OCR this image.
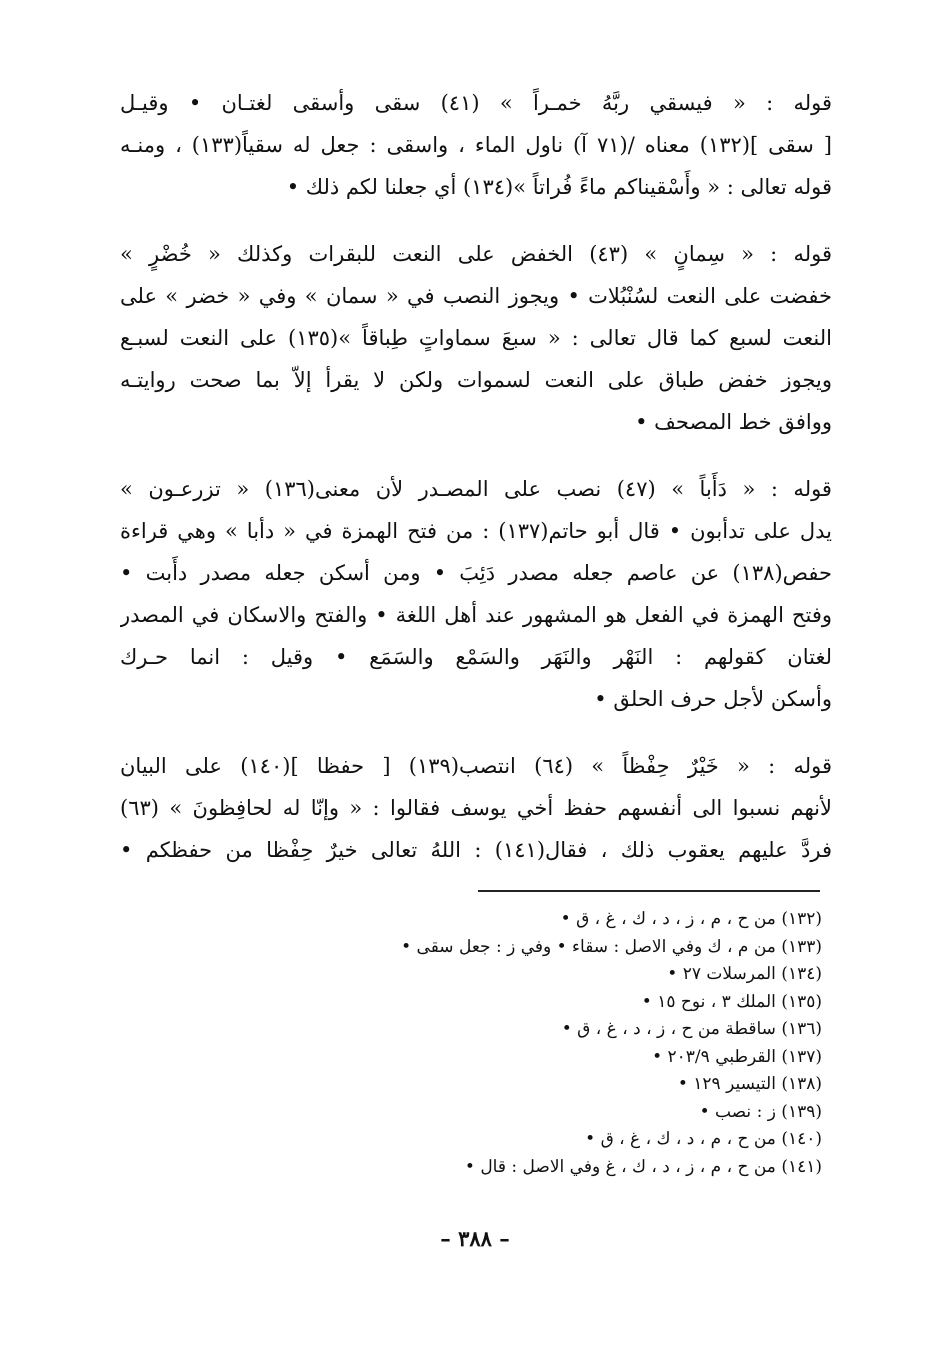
قوله : « فيسقي ربَّهُ خمـراً » (٤١) سقى وأسقى لغتـان • وقيـل
[ سقى ](١٣٢) معناه /(٧١ آ) ناول الماء ، واسقى : جعل له سقياً(١٣٣) ، ومنـه
قوله تعالى : « وأَسْقيناكم ماءً فُراتاً »(١٣٤) أي جعلنا لكم ذلك •
قوله : « سِمانٍ » (٤٣) الخفض على النعت للبقرات وكذلك « خُضْرٍ »
خفضت على النعت لسُنْبُلات • ويجوز النصب في « سمان » وفي « خضر » على
النعت لسبع كما قال تعالى : « سبعَ سماواتٍ طِباقاً »(١٣٥) على النعت لسبـع
ويجوز خفض طباق على النعت لسموات ولكن لا يقرأ إلاّ بما صحت روايتـه
ووافق خط المصحف •
قوله : « دَأَباً » (٤٧) نصب على المصـدر لأن معنى(١٣٦) « تزرعـون »
يدل على تدأبون • قال أبو حاتم(١٣٧) : من فتح الهمزة في « دأبا » وهي قراءة
حفص(١٣٨) عن عاصم جعله مصدر دَئِبَ • ومن أسكن جعله مصدر دأَبت •
وفتح الهمزة في الفعل هو المشهور عند أهل اللغة • والفتح والاسكان في المصدر
لغتان كقولهم : النَهْر والنَهَر والسَمْع والسَمَع • وقيل : انما حـرك
وأسكن لأجل حرف الحلق •
قوله : « خَيْرٌ حِفْظاً » (٦٤) انتصب(١٣٩) [ حفظا ](١٤٠) على البيان
لأنهم نسبوا الى أنفسهم حفظ أخي يوسف فقالوا : « وإنّا له لحافِظونَ » (٦٣)
فردَّ عليهم يعقوب ذلك ، فقال(١٤١) : اللهُ تعالى خيرٌ حِفْظا من حفظكم •
(١٣٢) من ح ، م ، ز ، د ، ك ، غ ، ق •
(١٣٣) من م ، ك وفي الاصل : سقاء • وفي ز : جعل سقى •
(١٣٤) المرسلات ٢٧ •
(١٣٥) الملك ٣ ، نوح ١٥ •
(١٣٦) ساقطة من ح ، ز ، د ، غ ، ق •
(١٣٧) القرطبي ٢٠٣/٩ •
(١٣٨) التيسير ١٢٩ •
(١٣٩) ز : نصب •
(١٤٠) من ح ، م ، د ، ك ، غ ، ق •
(١٤١) من ح ، م ، ز ، د ، ك ، غ وفي الاصل : قال •
– ٣٨٨ –
